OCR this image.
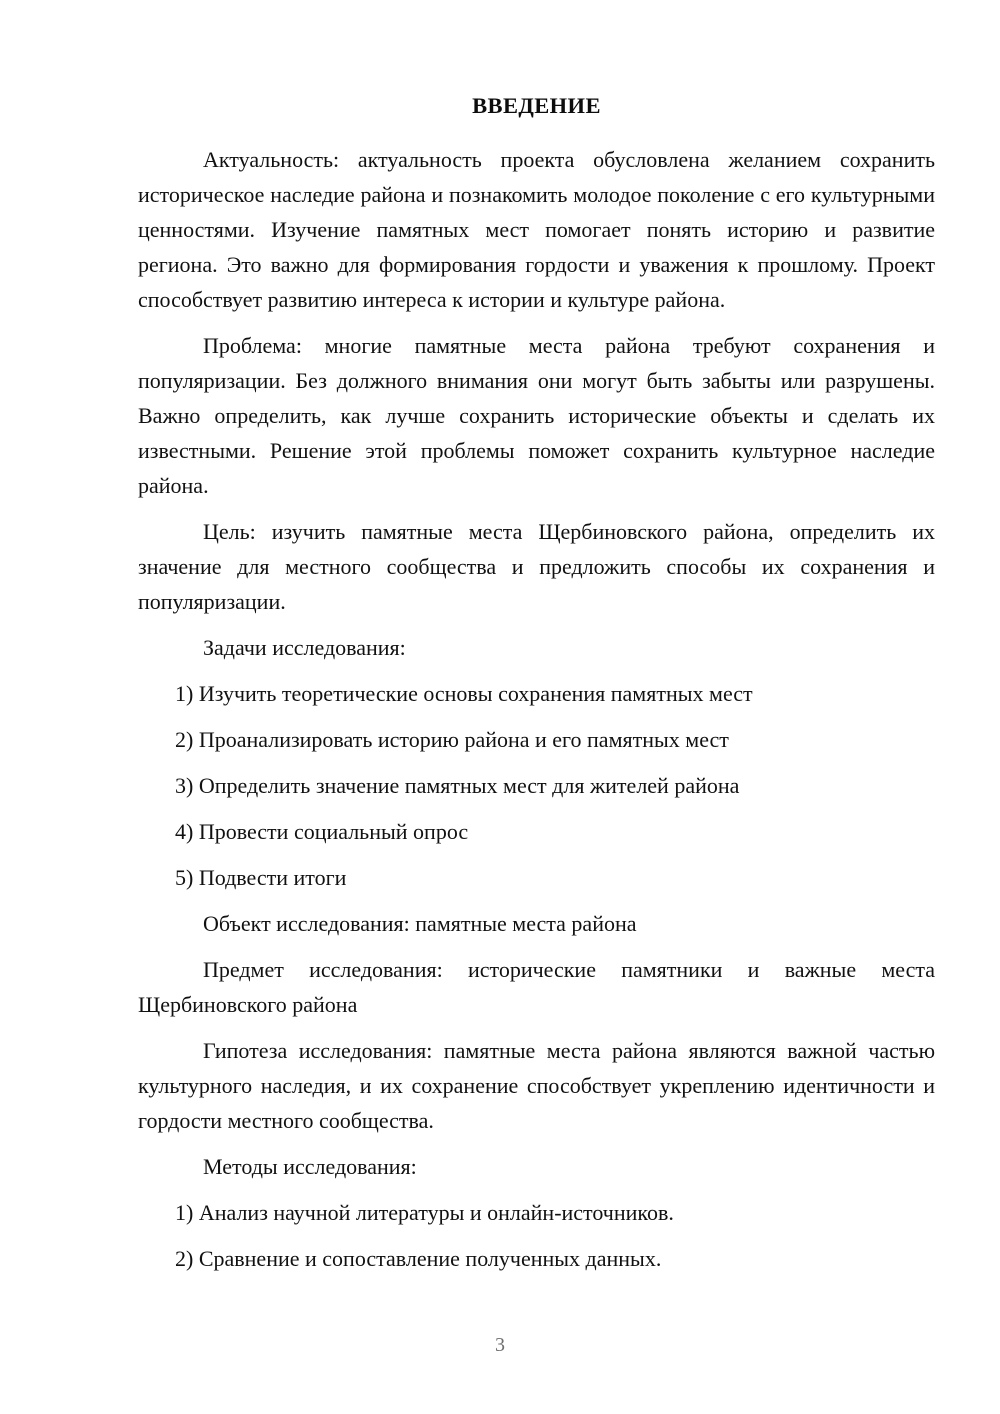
ВВЕДЕНИЕ

Актуальность: актуальность проекта обусловлена желанием сохранить историческое наследие района и познакомить молодое поколение с его культурными ценностями. Изучение памятных мест помогает понять историю и развитие региона. Это важно для формирования гордости и уважения к прошлому. Проект способствует развитию интереса к истории и культуре района.

Проблема: многие памятные места района требуют сохранения и популяризации. Без должного внимания они могут быть забыты или разрушены. Важно определить, как лучше сохранить исторические объекты и сделать их известными. Решение этой проблемы поможет сохранить культурное наследие района.

Цель: изучить памятные места Щербиновского района, определить их значение для местного сообщества и предложить способы их сохранения и популяризации.

Задачи исследования:

1) Изучить теоретические основы сохранения памятных мест

2) Проанализировать историю района и его памятных мест

3) Определить значение памятных мест для жителей района

4) Провести социальный опрос

5) Подвести итоги

Объект исследования: памятные места района

Предмет исследования: исторические памятники и важные места Щербиновского района

Гипотеза исследования: памятные места района являются важной частью культурного наследия, и их сохранение способствует укреплению идентичности и гордости местного сообщества.

Методы исследования:

1) Анализ научной литературы и онлайн-источников.

2) Сравнение и сопоставление полученных данных.

3
